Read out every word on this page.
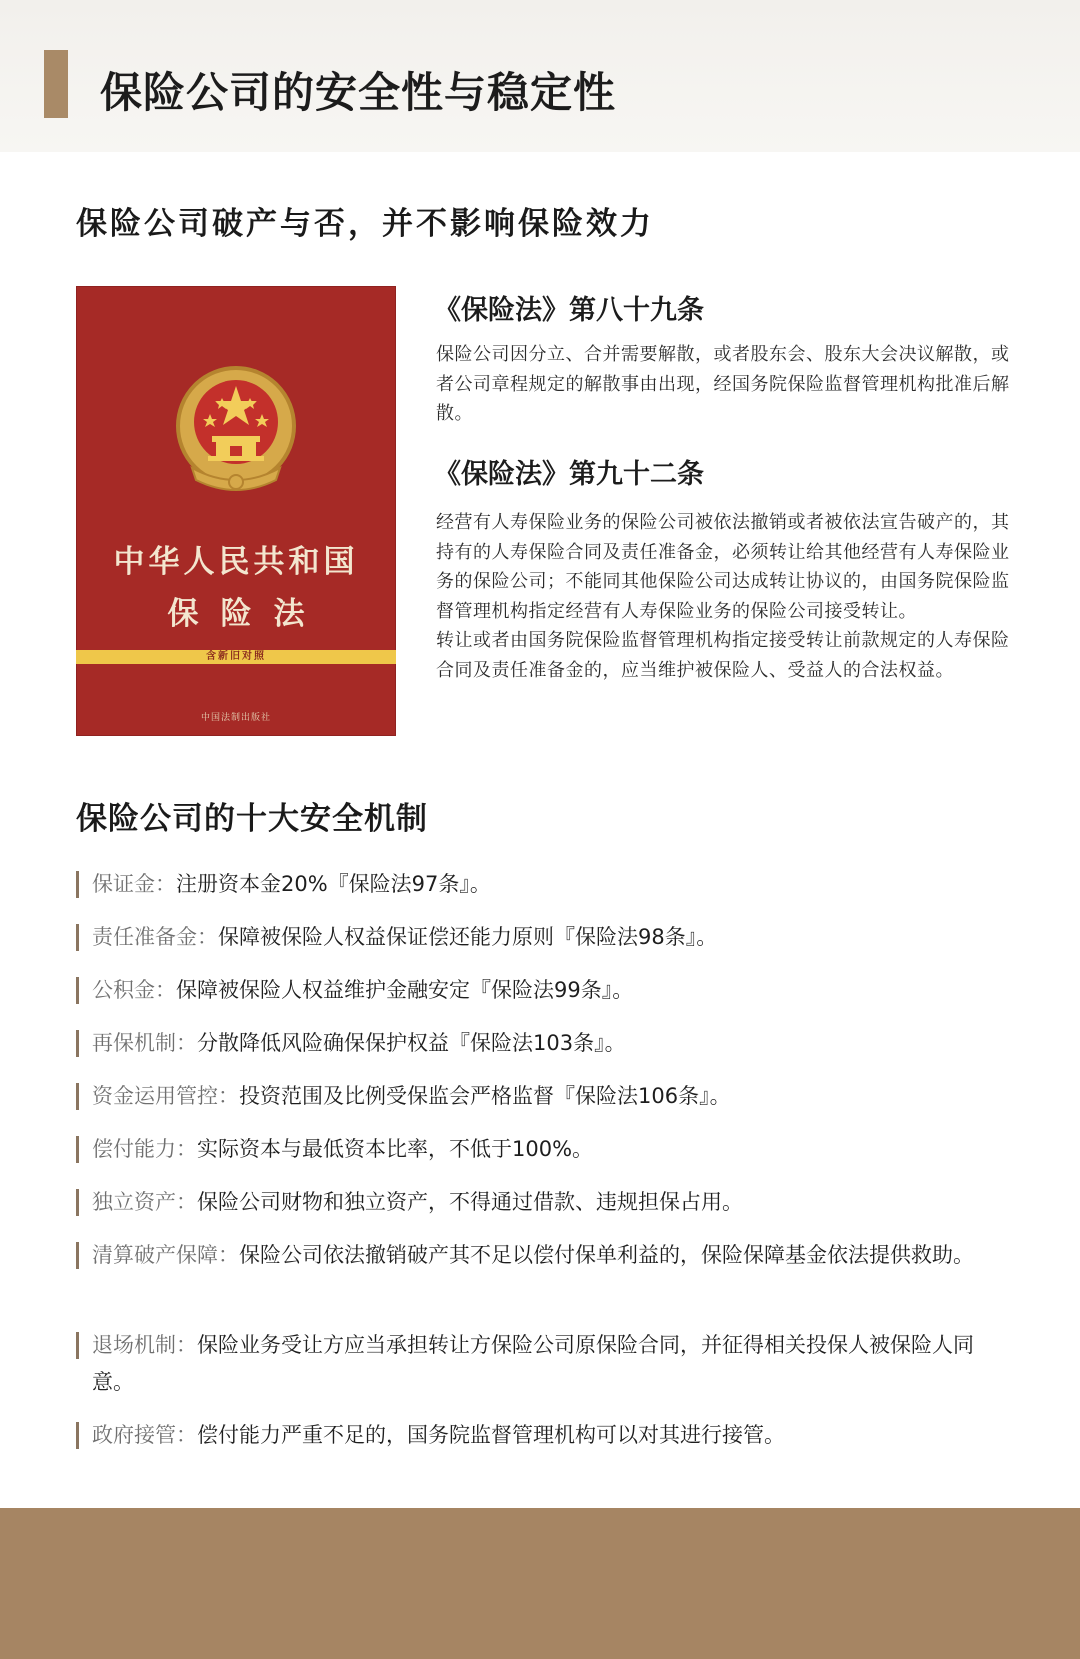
保险公司的安全性与稳定性
保险公司破产与否，并不影响保险效力
中华人民共和国
保险法
含新旧对照
中国法制出版社
《保险法》第八十九条

保险公司因分立、合并需要解散，或者股东会、股东大会决议解散，或者公司章程规定的解散事由出现，经国务院保险监督管理机构批准后解散。

《保险法》第九十二条

经营有人寿保险业务的保险公司被依法撤销或者被依法宣告破产的，其持有的人寿保险合同及责任准备金，必须转让给其他经营有人寿保险业务的保险公司；不能同其他保险公司达成转让协议的，由国务院保险监督管理机构指定经营有人寿保险业务的保险公司接受转让。

转让或者由国务院保险监督管理机构指定接受转让前款规定的人寿保险合同及责任准备金的，应当维护被保险人、受益人的合法权益。

保险公司的十大安全机制
保证金：注册资本金20%『保险法97条』。
责任准备金：保障被保险人权益保证偿还能力原则『保险法98条』。
公积金：保障被保险人权益维护金融安定『保险法99条』。
再保机制：分散降低风险确保保护权益『保险法103条』。
资金运用管控：投资范围及比例受保监会严格监督『保险法106条』。
偿付能力：实际资本与最低资本比率，不低于100%。
独立资产：保险公司财物和独立资产，不得通过借款、违规担保占用。
清算破产保障：保险公司依法撤销破产其不足以偿付保单利益的，保险保障基金依法提供救助。
退场机制：保险业务受让方应当承担转让方保险公司原保险合同，并征得相关投保人被保险人同意。
政府接管：偿付能力严重不足的，国务院监督管理机构可以对其进行接管。
